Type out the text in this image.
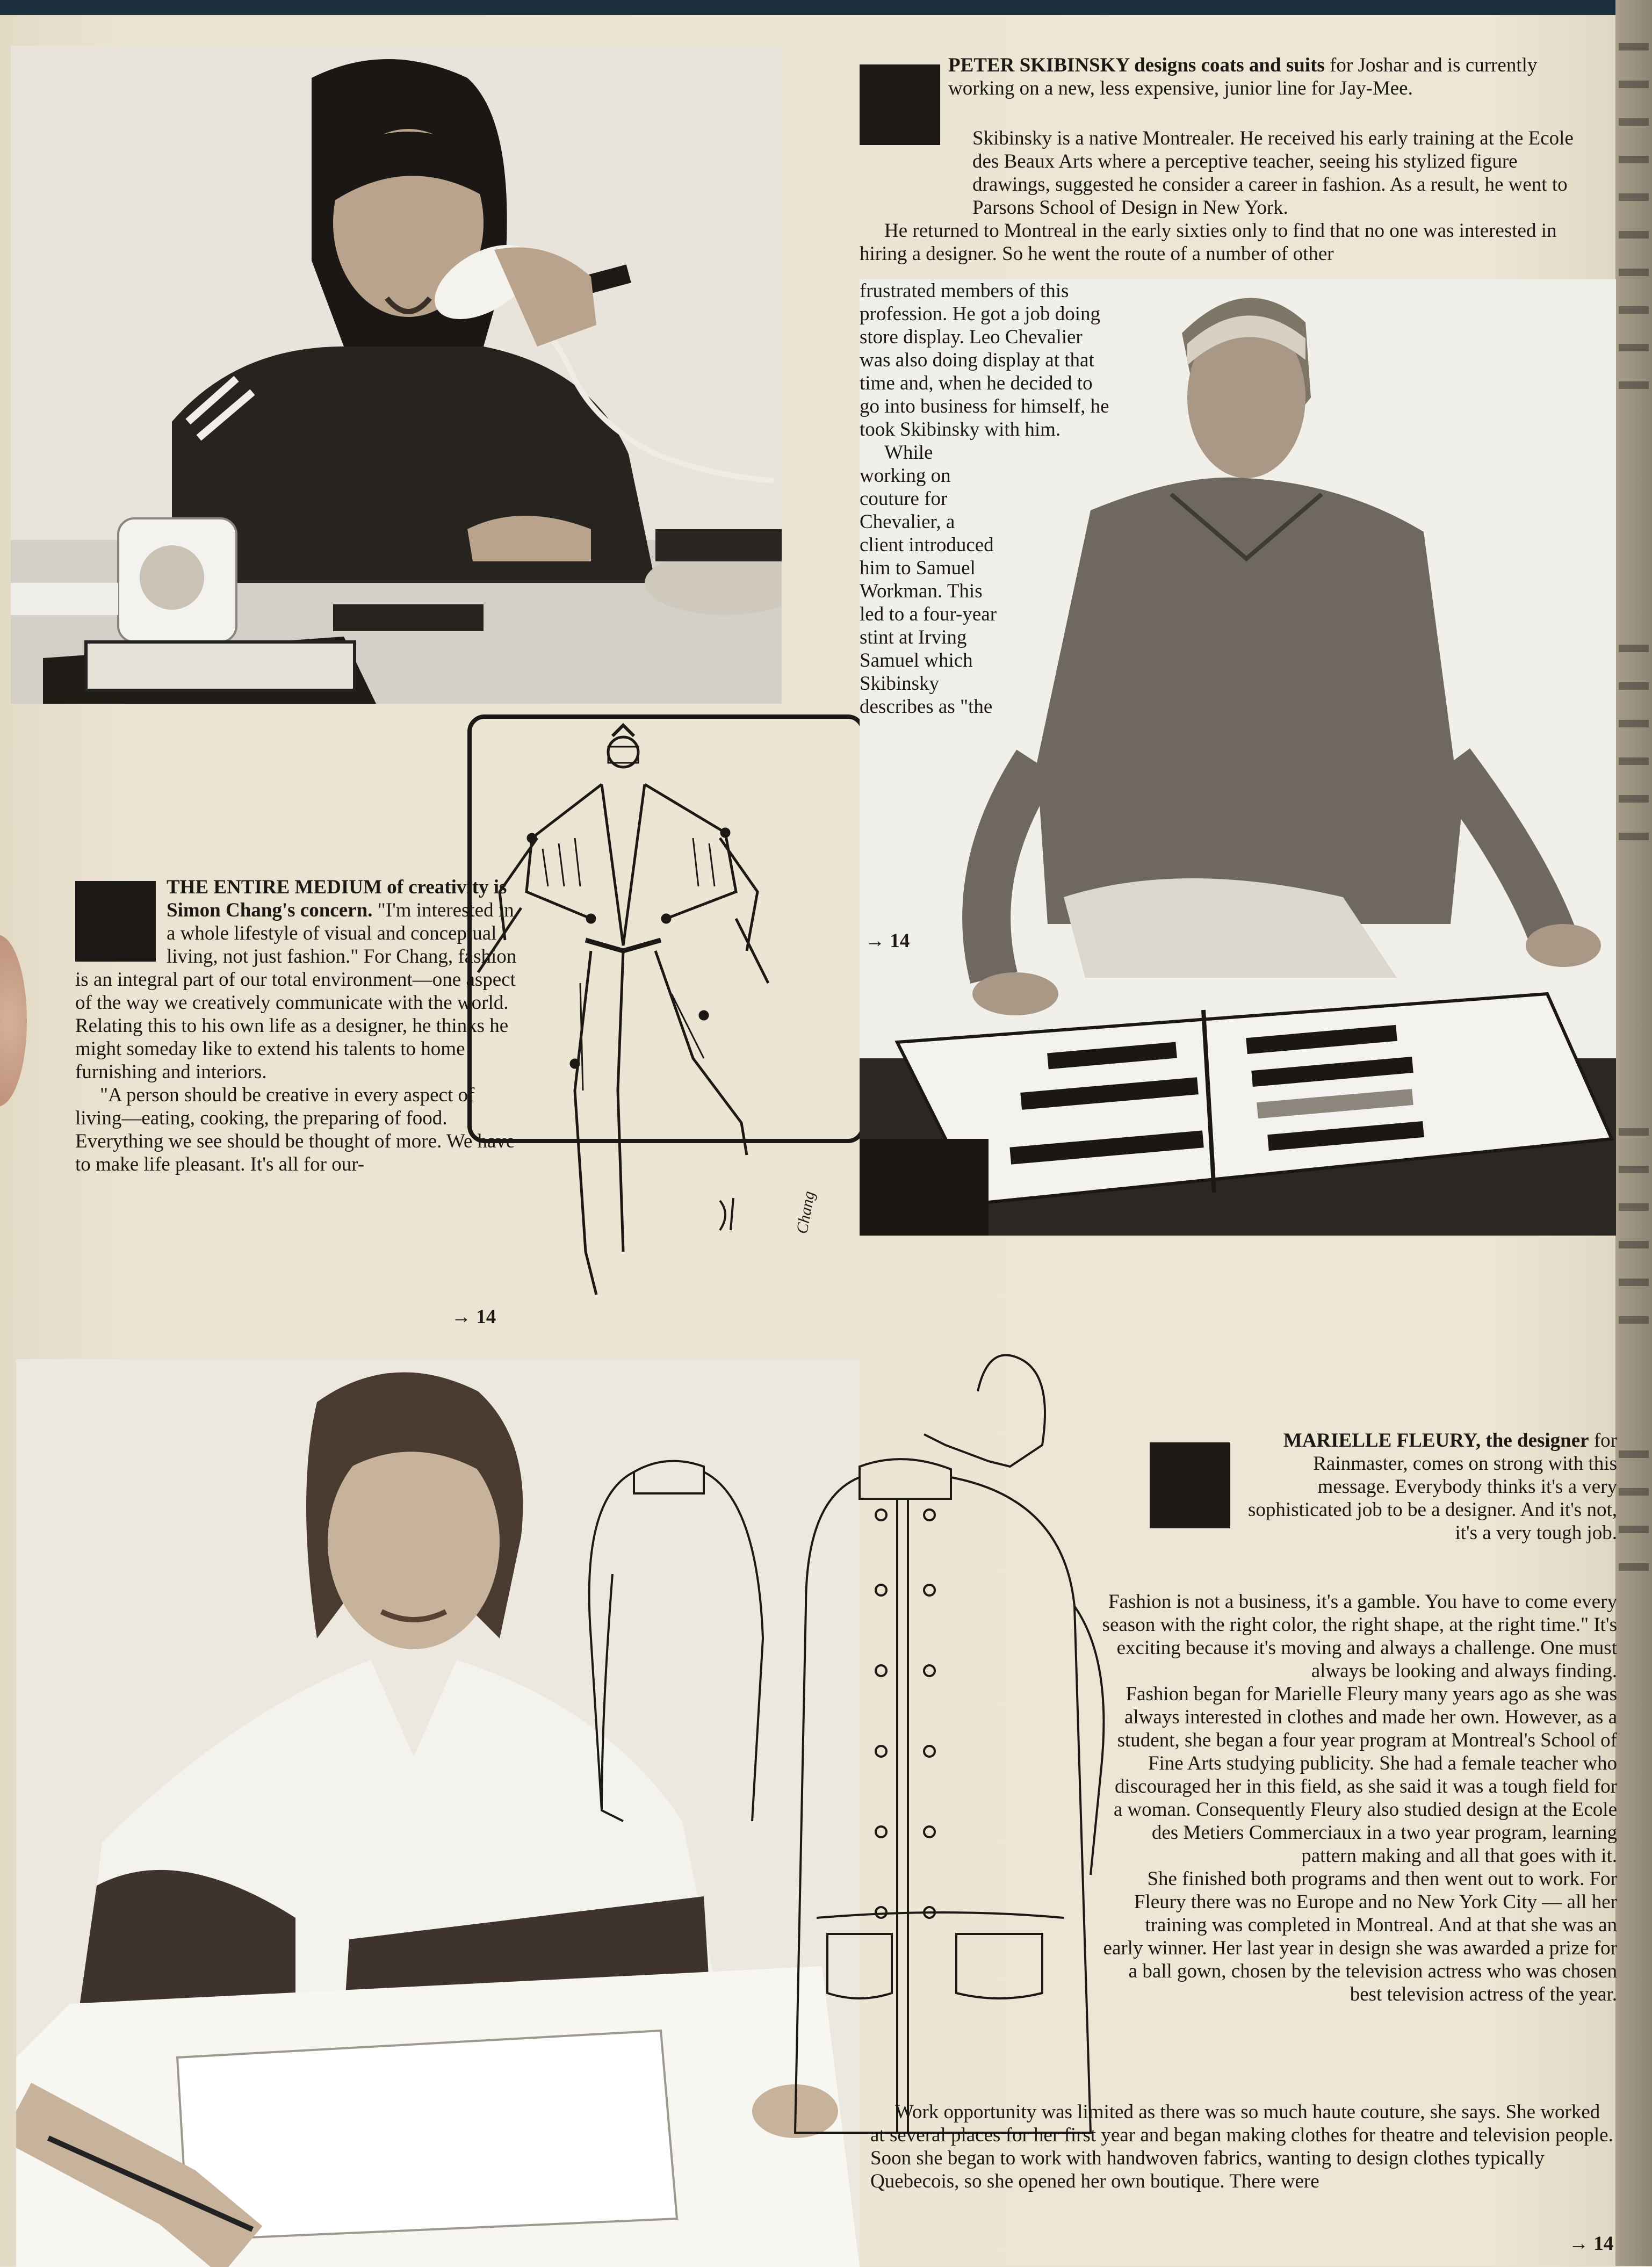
Chang

THE ENTIRE MEDIUM of creativity is Simon Chang's concern. "I'm interested in a whole lifestyle of visual and conceptual living, not just fashion." For Chang, fashion is an integral part of our total environment—one aspect of the way we creatively communicate with the world. Relating this to his own life as a designer, he thinks he might someday like to extend his talents to home furnishing and interiors.

"A person should be creative in every aspect of living—eating, cooking, the preparing of food. Everything we see should be thought of more. We have to make life pleasant. It's all for our-

→ 14

PETER SKIBINSKY designs coats and suits for Joshar and is currently working on a new, less expensive, junior line for Jay-Mee.

Skibinsky is a native Montrealer. He received his early training at the Ecole des Beaux Arts where a perceptive teacher, seeing his stylized figure drawings, suggested he consider a career in fashion. As a result, he went to Parsons School of Design in New York.

He returned to Montreal in the early sixties only to find that no one was interested in hiring a designer. So he went the route of a number of other

frustrated members of this profession. He got a job doing store display. Leo Chevalier was also doing display at that time and, when he decided to go into business for himself, he took Skibinsky with him.

While working on couture for Chevalier, a client introduced him to Samuel Workman. This led to a four-year stint at Irving Samuel which Skibinsky describes as "the

→ 14

MARIELLE FLEURY, the designer for Rainmaster, comes on strong with this message. Everybody thinks it's a very sophisticated job to be a designer. And it's not, it's a very tough job.

Fashion is not a business, it's a gamble. You have to come every season with the right color, the right shape, at the right time." It's exciting because it's moving and always a challenge. One must always be looking and always finding.

Fashion began for Marielle Fleury many years ago as she was always interested in clothes and made her own. However, as a student, she began a four year program at Montreal's School of Fine Arts studying publicity. She had a female teacher who discouraged her in this field, as she said it was a tough field for a woman. Consequently Fleury also studied design at the Ecole des Metiers Commerciaux in a two year program, learning pattern making and all that goes with it.

She finished both programs and then went out to work. For Fleury there was no Europe and no New York City — all her training was completed in Montreal. And at that she was an early winner. Her last year in design she was awarded a prize for a ball gown, chosen by the television actress who was chosen best television actress of the year.

Work opportunity was limited as there was so much haute couture, she says. She worked at several places for her first year and began making clothes for theatre and television people. Soon she began to work with handwoven fabrics, wanting to design clothes typically Quebecois, so she opened her own boutique. There were

→ 14
